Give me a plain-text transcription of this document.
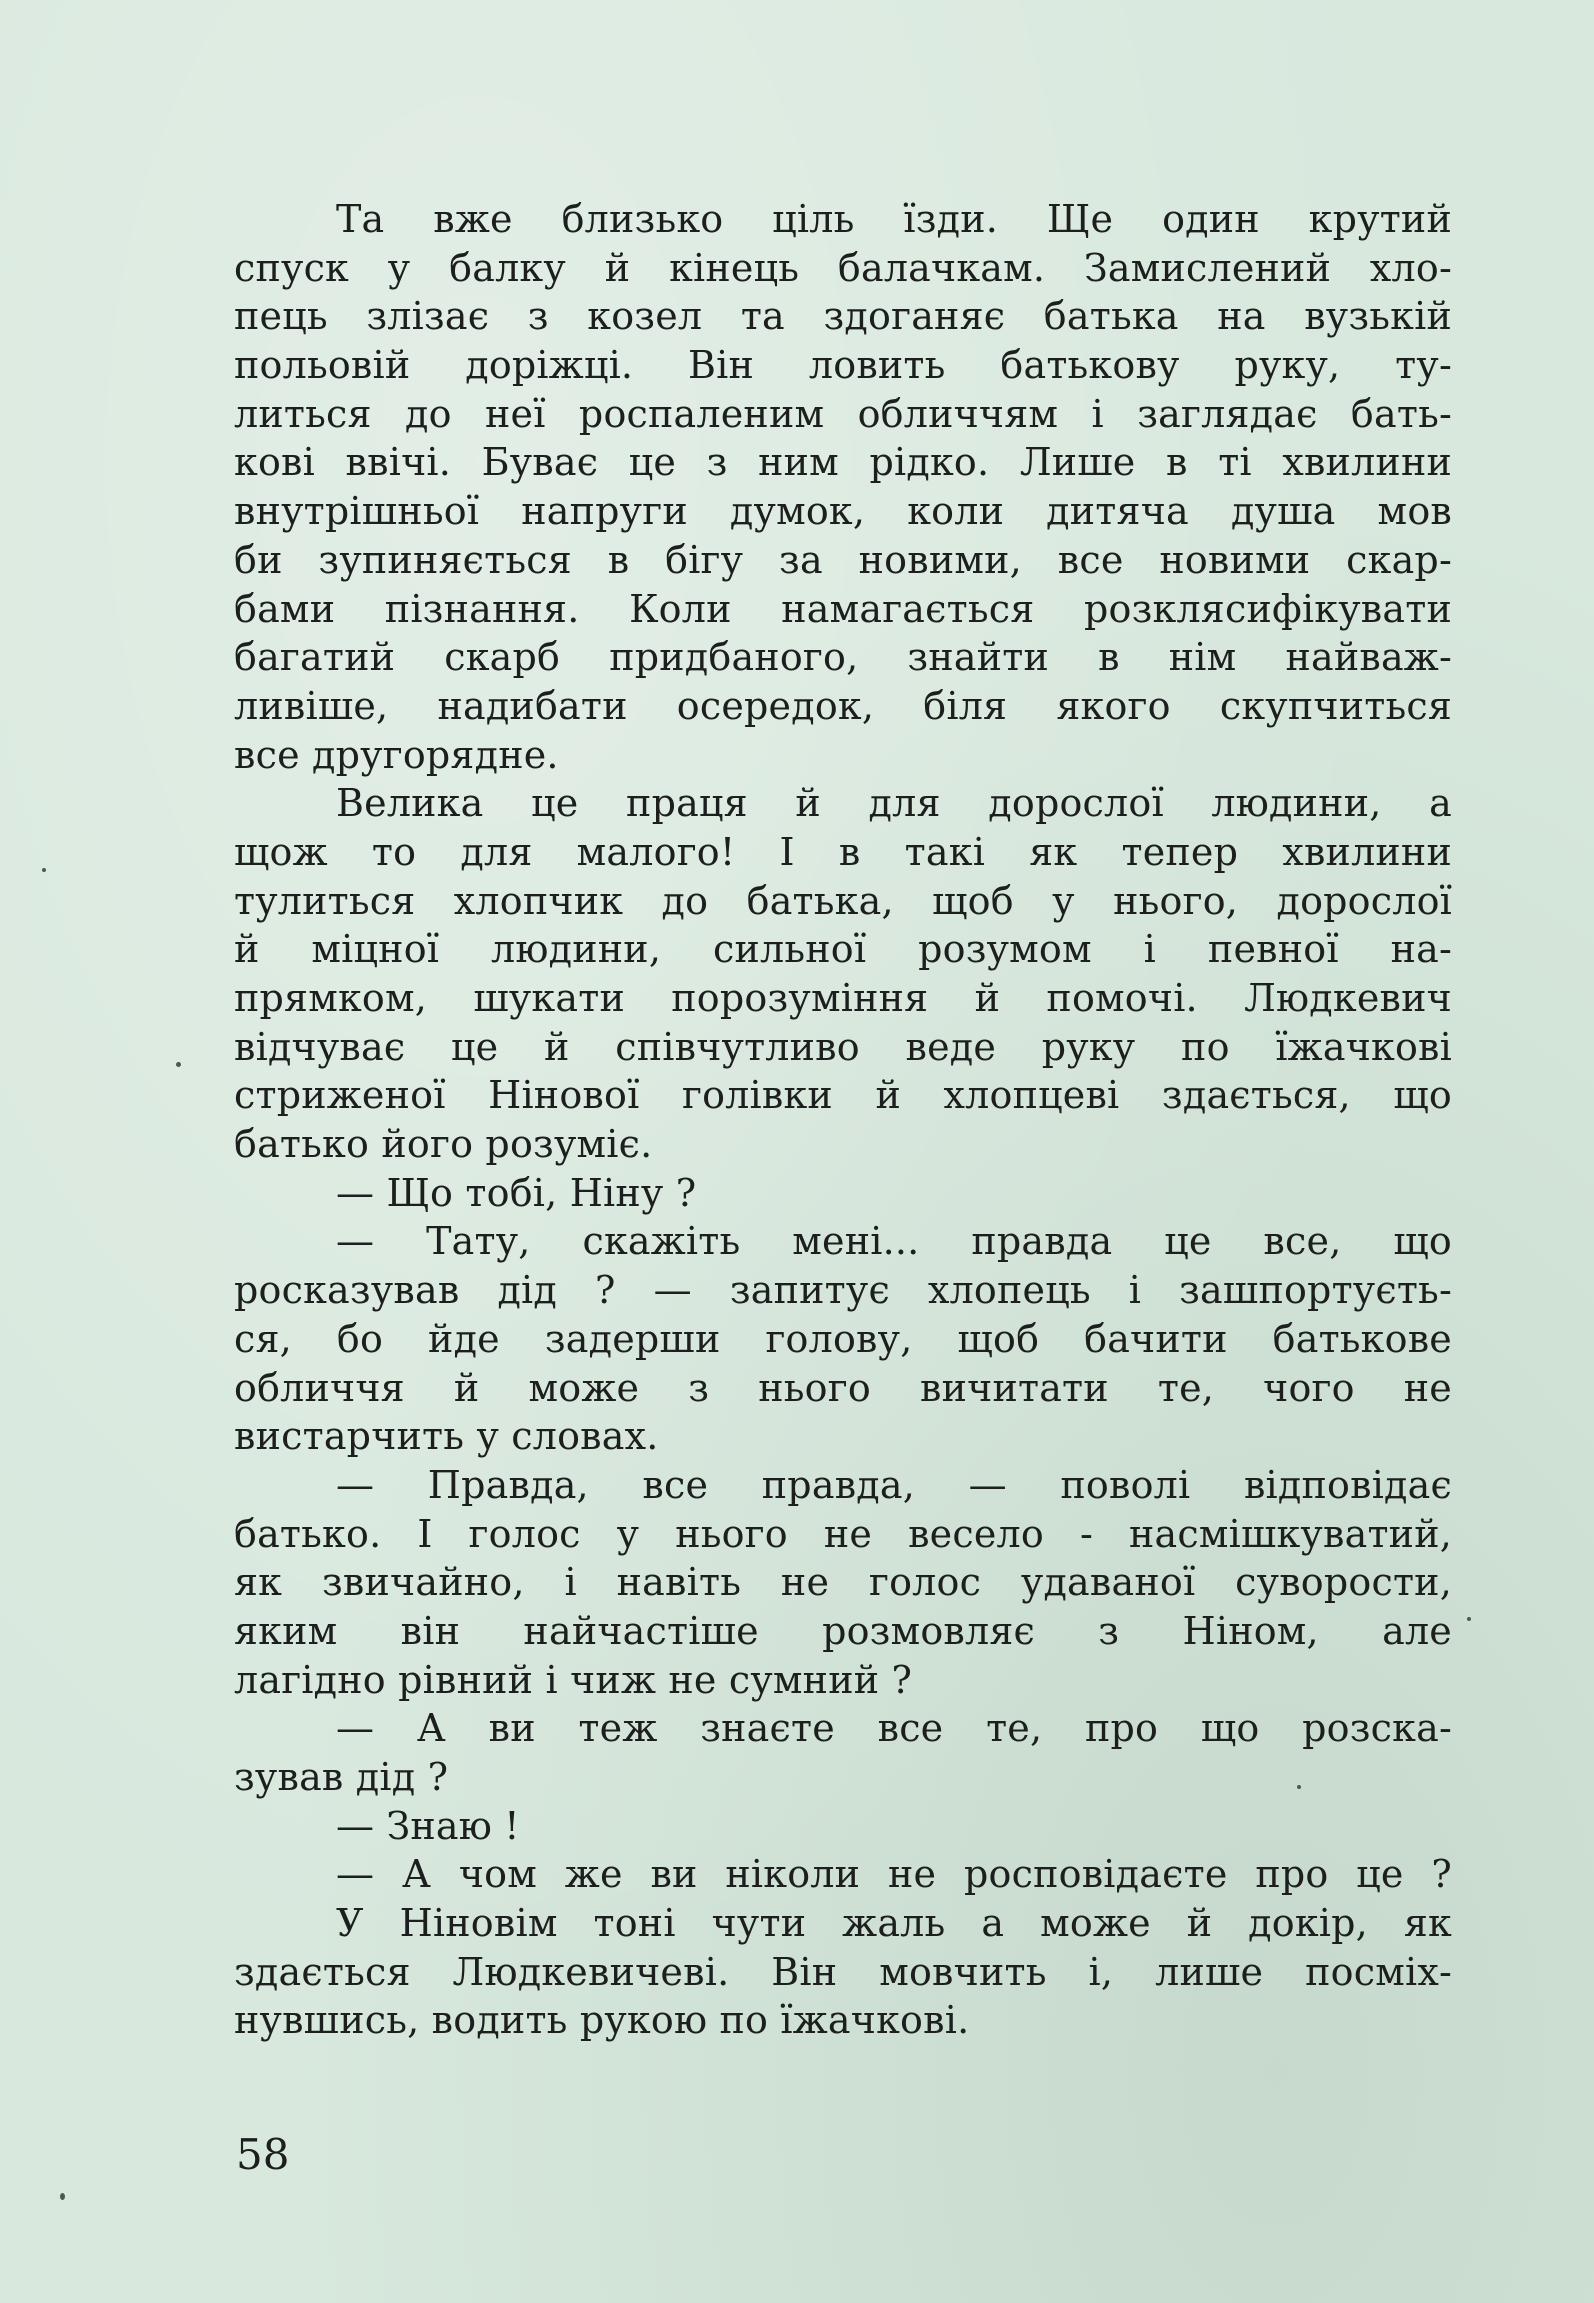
Та вже близько ціль їзди. Ще один крутий
спуск у балку й кінець балачкам. Замислений хло-
пець злізає з козел та здоганяє батька на вузькій
польовій доріжці. Він ловить батькову руку, ту-
литься до неї роспаленим обличчям і заглядає бать-
кові ввічі. Буває це з ним рідко. Лише в ті хвилини
внутрішньої напруги думок, коли дитяча душа мов
би зупиняється в бігу за новими, все новими скар-
бами пізнання. Коли намагається розклясифікувати
багатий скарб придбаного, знайти в нім найваж-
ливіше, надибати осередок, біля якого скупчиться
все другорядне.
Велика це праця й для дорослої людини, а
щож то для малого! І в такі як тепер хвилини
тулиться хлопчик до батька, щоб у нього, дорослої
й міцної людини, сильної розумом і певної на-
прямком, шукати порозуміння й помочі. Людкевич
відчуває це й співчутливо веде руку по їжачкові
стриженої Нінової голівки й хлопцеві здається, що
батько його розуміє.
— Що тобі, Ніну ?
— Тату, скажіть мені... правда це все, що
росказував дід ? — запитує хлопець і зашпортуєть-
ся, бо йде задерши голову, щоб бачити батькове
обличчя й може з нього вичитати те, чого не
вистарчить у словах.
— Правда, все правда, — поволі відповідає
батько. І голос у нього не весело - насмішкуватий,
як звичайно, і навіть не голос удаваної суворости,
яким він найчастіше розмовляє з Ніном, але
лагідно рівний і чиж не сумний ?
— А ви теж знаєте все те, про що розска-
зував дід ?
— Знаю !
— А чом же ви ніколи не росповідаєте про це ?
У Ніновім тоні чути жаль а може й докір, як
здається Людкевичеві. Він мовчить і, лише посміх-
нувшись, водить рукою по їжачкові.
58
